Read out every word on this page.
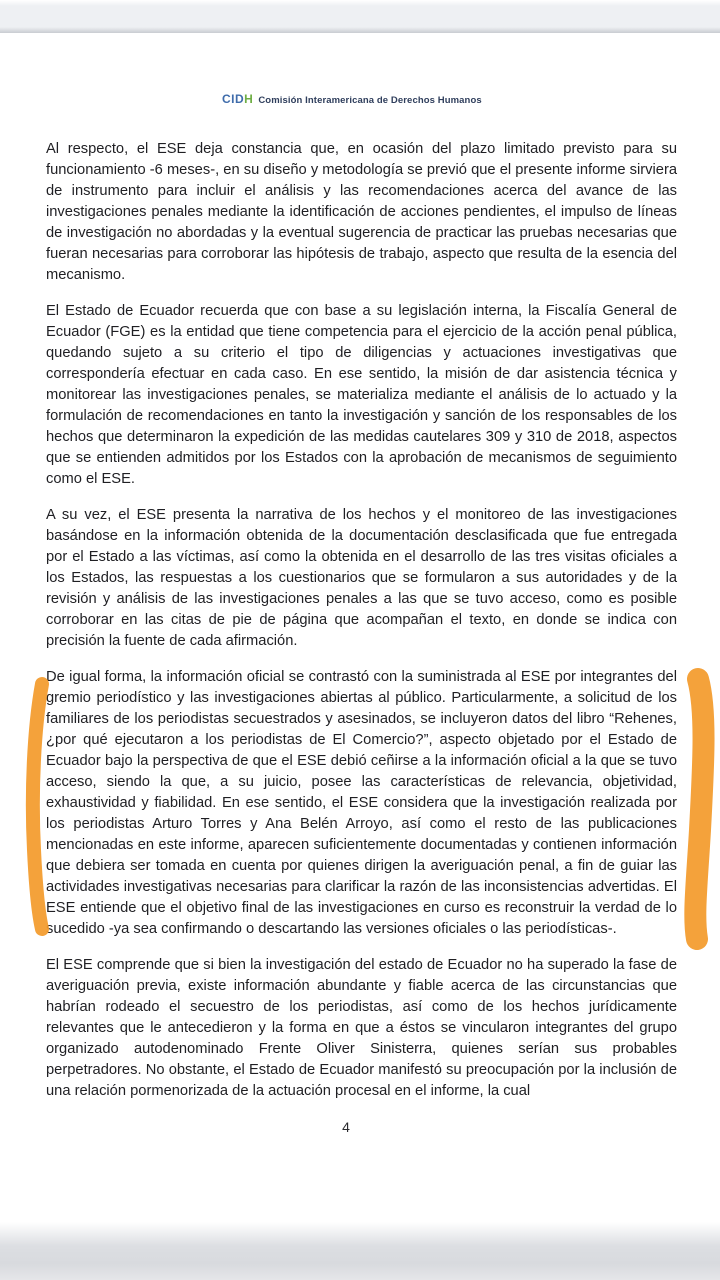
CIDH Comisión Interamericana de Derechos Humanos

Al respecto, el ESE deja constancia que, en ocasión del plazo limitado previsto para su funcionamiento -6 meses-, en su diseño y metodología se previó que el presente informe sirviera de instrumento para incluir el análisis y las recomendaciones acerca del avance de las investigaciones penales mediante la identificación de acciones pendientes, el impulso de líneas de investigación no abordadas y la eventual sugerencia de practicar las pruebas necesarias que fueran necesarias para corroborar las hipótesis de trabajo, aspecto que resulta de la esencia del mecanismo.

El Estado de Ecuador recuerda que con base a su legislación interna, la Fiscalía General de Ecuador (FGE) es la entidad que tiene competencia para el ejercicio de la acción penal pública, quedando sujeto a su criterio el tipo de diligencias y actuaciones investigativas que correspondería efectuar en cada caso. En ese sentido, la misión de dar asistencia técnica y monitorear las investigaciones penales, se materializa mediante el análisis de lo actuado y la formulación de recomendaciones en tanto la investigación y sanción de los responsables de los hechos que determinaron la expedición de las medidas cautelares 309 y 310 de 2018, aspectos que se entienden admitidos por los Estados con la aprobación de mecanismos de seguimiento como el ESE.

A su vez, el ESE presenta la narrativa de los hechos y el monitoreo de las investigaciones basándose en la información obtenida de la documentación desclasificada que fue entregada por el Estado a las víctimas, así como la obtenida en el desarrollo de las tres visitas oficiales a los Estados, las respuestas a los cuestionarios que se formularon a sus autoridades y de la revisión y análisis de las investigaciones penales a las que se tuvo acceso, como es posible corroborar en las citas de pie de página que acompañan el texto, en donde se indica con precisión la fuente de cada afirmación.

De igual forma, la información oficial se contrastó con la suministrada al ESE por integrantes del gremio periodístico y las investigaciones abiertas al público. Particularmente, a solicitud de los familiares de los periodistas secuestrados y asesinados, se incluyeron datos del libro “Rehenes, ¿por qué ejecutaron a los periodistas de El Comercio?”, aspecto objetado por el Estado de Ecuador bajo la perspectiva de que el ESE debió ceñirse a la información oficial a la que se tuvo acceso, siendo la que, a su juicio, posee las características de relevancia, objetividad, exhaustividad y fiabilidad. En ese sentido, el ESE considera que la investigación realizada por los periodistas Arturo Torres y Ana Belén Arroyo, así como el resto de las publicaciones mencionadas en este informe, aparecen suficientemente documentadas y contienen información que debiera ser tomada en cuenta por quienes dirigen la averiguación penal, a fin de guiar las actividades investigativas necesarias para clarificar la razón de las inconsistencias advertidas. El ESE entiende que el objetivo final de las investigaciones en curso es reconstruir la verdad de lo sucedido -ya sea confirmando o descartando las versiones oficiales o las periodísticas-.

El ESE comprende que si bien la investigación del estado de Ecuador no ha superado la fase de averiguación previa, existe información abundante y fiable acerca de las circunstancias que habrían rodeado el secuestro de los periodistas, así como de los hechos jurídicamente relevantes que le antecedieron y la forma en que a éstos se vincularon integrantes del grupo organizado autodenominado Frente Oliver Sinisterra, quienes serían sus probables perpetradores. No obstante, el Estado de Ecuador manifestó su preocupación por la inclusión de una relación pormenorizada de la actuación procesal en el informe, la cual

4
